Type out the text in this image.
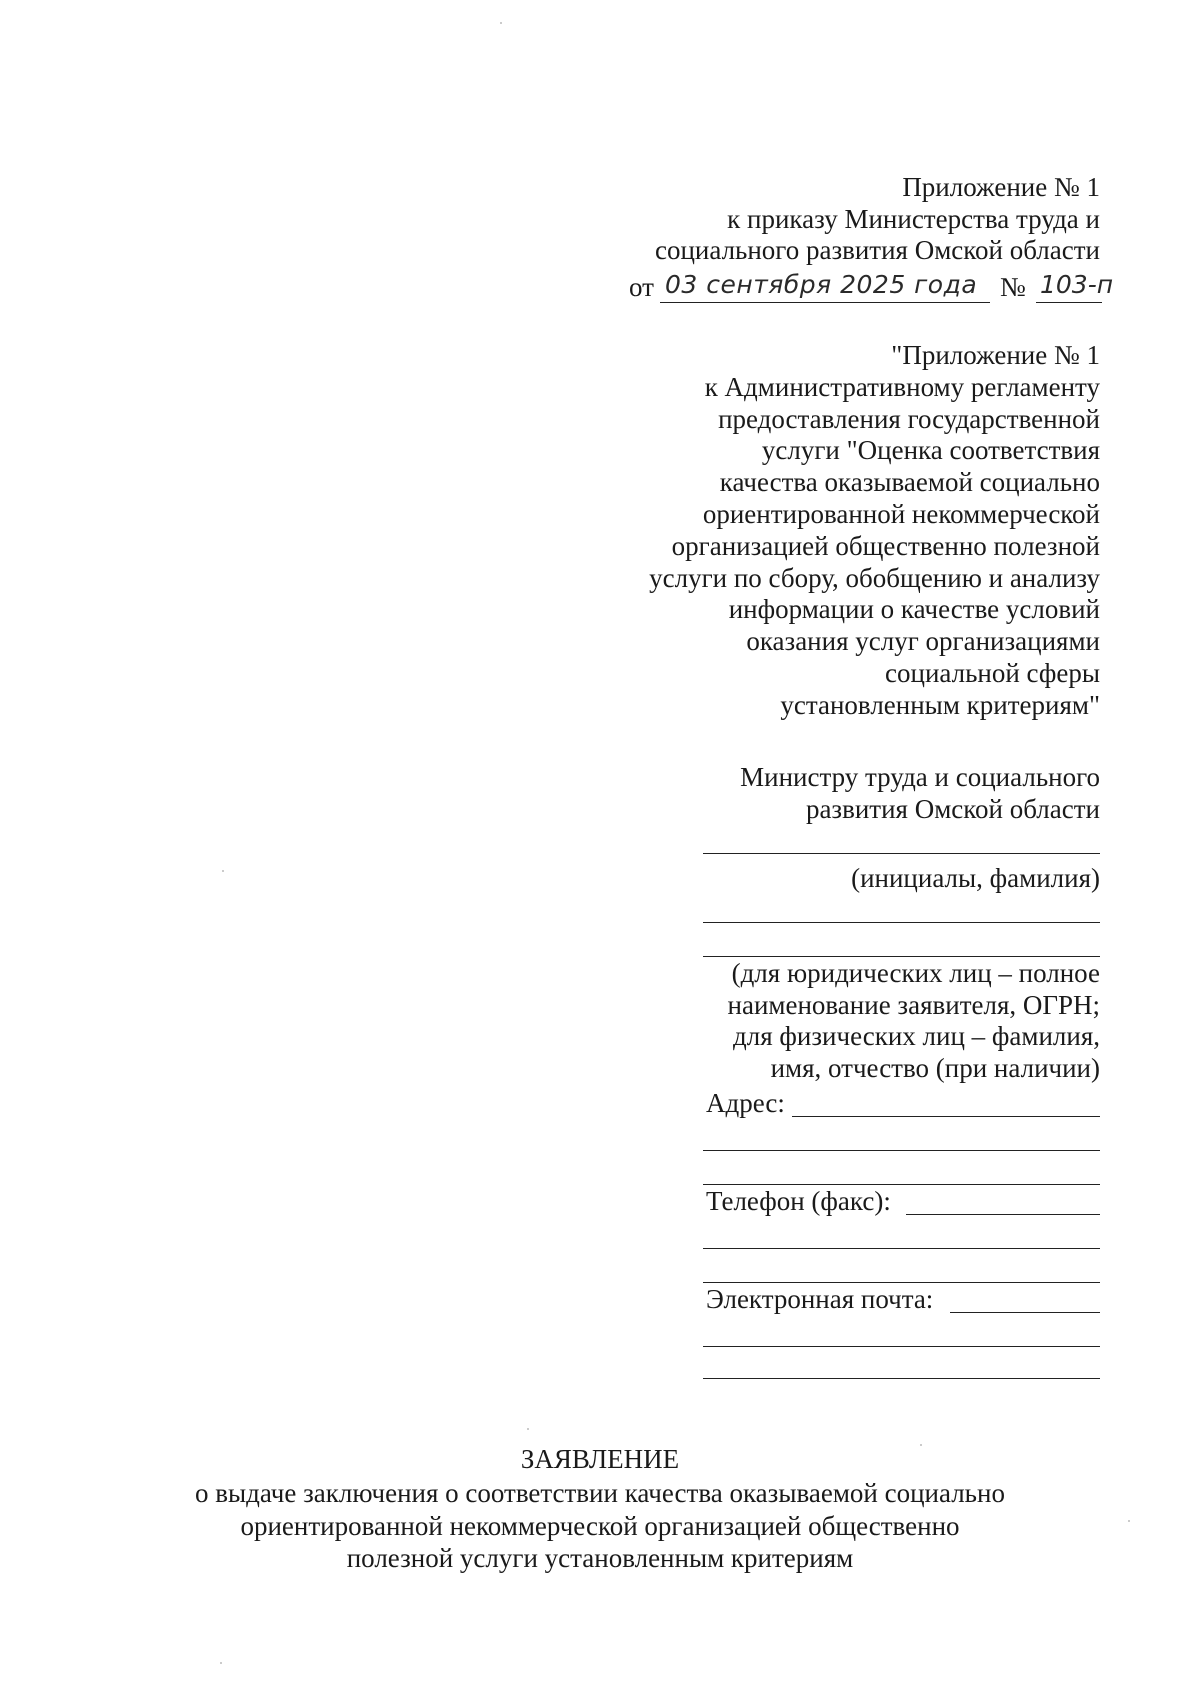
Приложение № 1
к приказу Министерства труда и
социального развития Омской области
от 03 сентября 2025 года № 103-п
"Приложение № 1
к Административному регламенту
предоставления государственной
услуги "Оценка соответствия
качества оказываемой социально
ориентированной некоммерческой
организацией общественно полезной
услуги по сбору, обобщению и анализу
информации о качестве условий
оказания услуг организациями
социальной сферы
установленным критериям"
Министру труда и социального
развития Омской области
(инициалы, фамилия)
(для юридических лиц – полное
наименование заявителя, ОГРН;
для физических лиц – фамилия,
имя, отчество (при наличии)
Адрес:
Телефон (факс):
Электронная почта:
ЗАЯВЛЕНИЕ
о выдаче заключения о соответствии качества оказываемой социально
ориентированной некоммерческой организацией общественно
полезной услуги установленным критериям
